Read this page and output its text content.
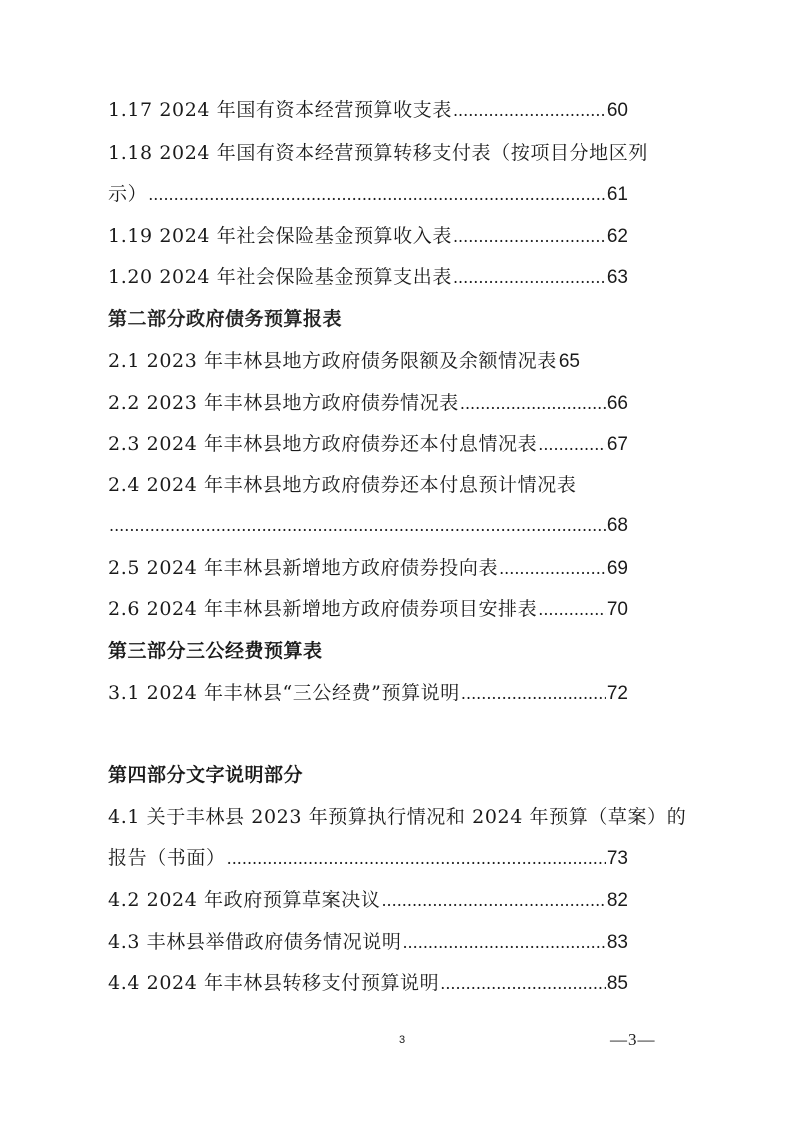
1.17 2024 年国有资本经营预算收支表 .....	60
1.18 2024 年国有资本经营预算转移支付表（按项目分地区列
示） .....	61
1.19 2024 年社会保险基金预算收入表 .....	62
1.20 2024 年社会保险基金预算支出表 .....	63
第二部分政府债务预算报表
2.1 2023 年丰林县地方政府债务限额及余额情况表 65
2.2 2023 年丰林县地方政府债券情况表 .....	66
2.3 2024 年丰林县地方政府债券还本付息情况表 .....	67
2.4 2024 年丰林县地方政府债券还本付息预计情况表
.....
68
2.5 2024 年丰林县新增地方政府债券投向表 .....	69
2.6 2024 年丰林县新增地方政府债券项目安排表 .....	70
第三部分三公经费预算表
3.1 2024 年丰林县“三公经费”预算说明 .....	72
第四部分文字说明部分
4.1 关于丰林县 2023 年预算执行情况和 2024 年预算（草案）的
报告（书面） .....	73
4.2 2024 年政府预算草案决议 .....	82
4.3 丰林县举借政府债务情况说明 .....	83
4.4 2024 年丰林县转移支付预算说明 .....	85
3	—3—
